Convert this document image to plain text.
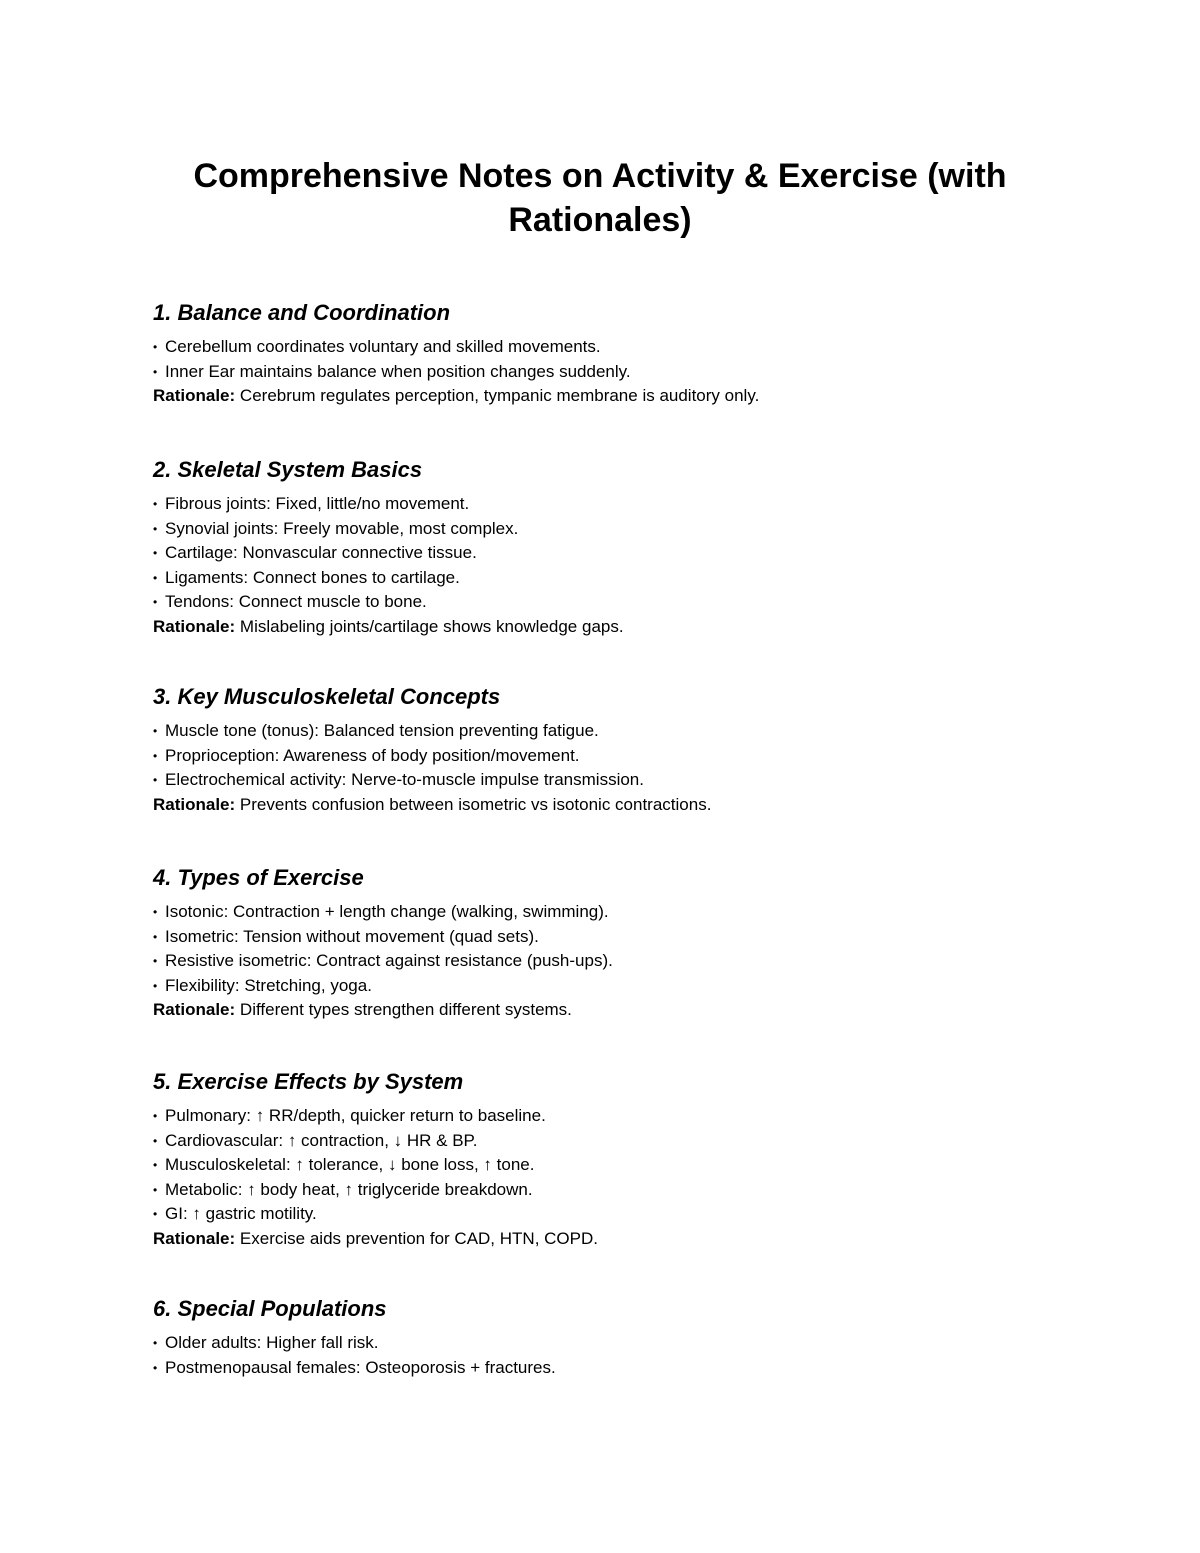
Comprehensive Notes on Activity & Exercise (with
Rationales)
1. Balance and Coordination

• Cerebellum coordinates voluntary and skilled movements.

• Inner Ear maintains balance when position changes suddenly.

Rationale: Cerebrum regulates perception, tympanic membrane is auditory only.

2. Skeletal System Basics

• Fibrous joints: Fixed, little/no movement.

• Synovial joints: Freely movable, most complex.

• Cartilage: Nonvascular connective tissue.

• Ligaments: Connect bones to cartilage.

• Tendons: Connect muscle to bone.

Rationale: Mislabeling joints/cartilage shows knowledge gaps.

3. Key Musculoskeletal Concepts

• Muscle tone (tonus): Balanced tension preventing fatigue.

• Proprioception: Awareness of body position/movement.

• Electrochemical activity: Nerve-to-muscle impulse transmission.

Rationale: Prevents confusion between isometric vs isotonic contractions.

4. Types of Exercise

• Isotonic: Contraction + length change (walking, swimming).

• Isometric: Tension without movement (quad sets).

• Resistive isometric: Contract against resistance (push-ups).

• Flexibility: Stretching, yoga.

Rationale: Different types strengthen different systems.

5. Exercise Effects by System

• Pulmonary: ↑ RR/depth, quicker return to baseline.

• Cardiovascular: ↑ contraction, ↓ HR & BP.

• Musculoskeletal: ↑ tolerance, ↓ bone loss, ↑ tone.

• Metabolic: ↑ body heat, ↑ triglyceride breakdown.

• GI: ↑ gastric motility.

Rationale: Exercise aids prevention for CAD, HTN, COPD.

6. Special Populations

• Older adults: Higher fall risk.

• Postmenopausal females: Osteoporosis + fractures.
